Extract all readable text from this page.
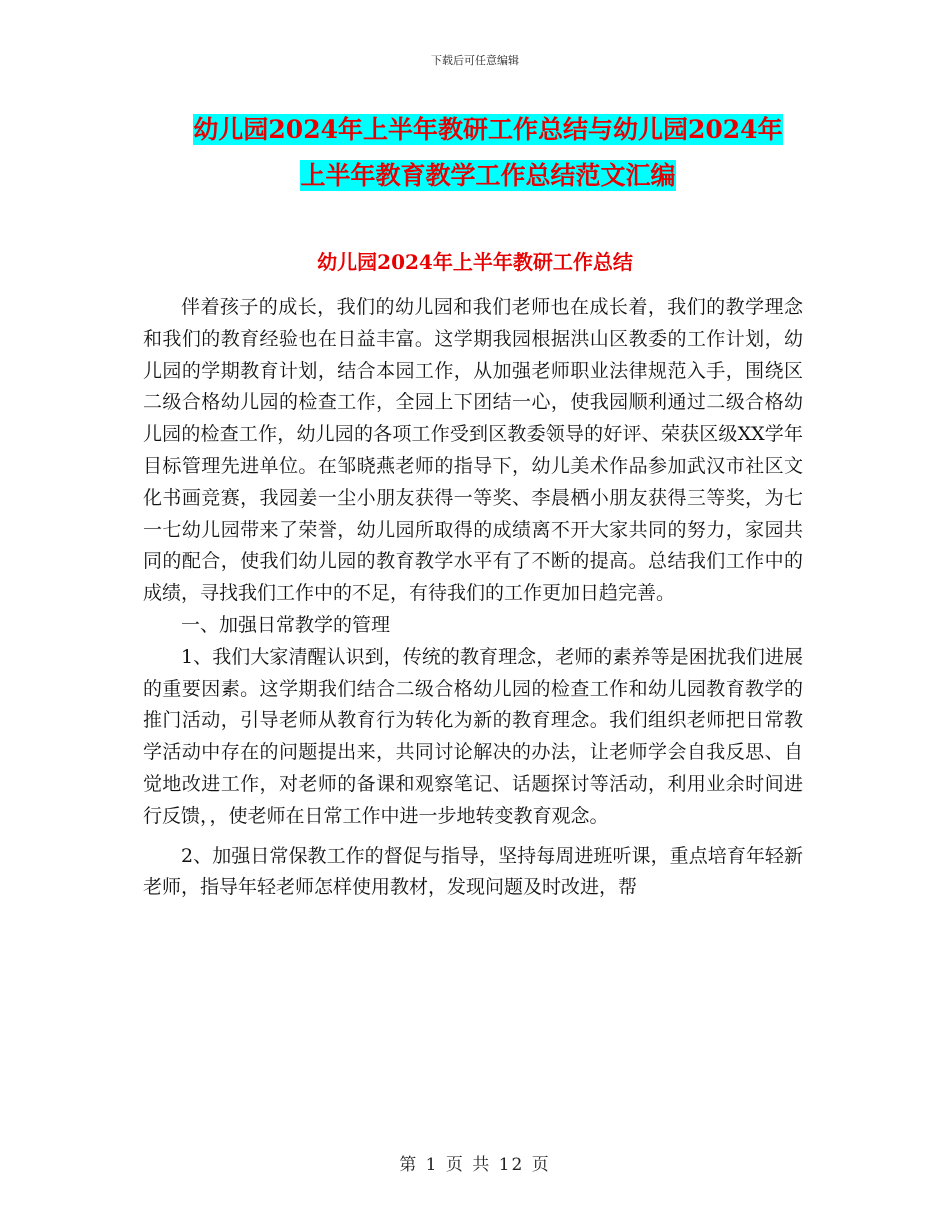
下载后可任意编辑
幼儿园2024年上半年教研工作总结与幼儿园2024年
上半年教育教学工作总结范文汇编
幼儿园2024年上半年教研工作总结

伴着孩子的成长，我们的幼儿园和我们老师也在成长着，我们的教学理念和我们的教育经验也在日益丰富。这学期我园根据洪山区教委的工作计划，幼儿园的学期教育计划，结合本园工作，从加强老师职业法律规范入手，围绕区二级合格幼儿园的检查工作，全园上下团结一心，使我园顺利通过二级合格幼儿园的检查工作，幼儿园的各项工作受到区教委领导的好评、荣获区级XX学年目标管理先进单位。在邹晓燕老师的指导下，幼儿美术作品参加武汉市社区文化书画竞赛，我园姜一尘小朋友获得一等奖、李晨栖小朋友获得三等奖，为七一七幼儿园带来了荣誉，幼儿园所取得的成绩离不开大家共同的努力，家园共同的配合，使我们幼儿园的教育教学水平有了不断的提高。总结我们工作中的成绩，寻找我们工作中的不足，有待我们的工作更加日趋完善。

一、加强日常教学的管理

1、我们大家清醒认识到，传统的教育理念，老师的素养等是困扰我们进展的重要因素。这学期我们结合二级合格幼儿园的检查工作和幼儿园教育教学的推门活动，引导老师从教育行为转化为新的教育理念。我们组织老师把日常教学活动中存在的问题提出来，共同讨论解决的办法，让老师学会自我反思、自觉地改进工作，对老师的备课和观察笔记、话题探讨等活动，利用业余时间进行反馈，，使老师在日常工作中进一步地转变教育观念。

2、加强日常保教工作的督促与指导，坚持每周进班听课，重点培育年轻新老师，指导年轻老师怎样使用教材，发现问题及时改进，帮

第 1 页 共 12 页
